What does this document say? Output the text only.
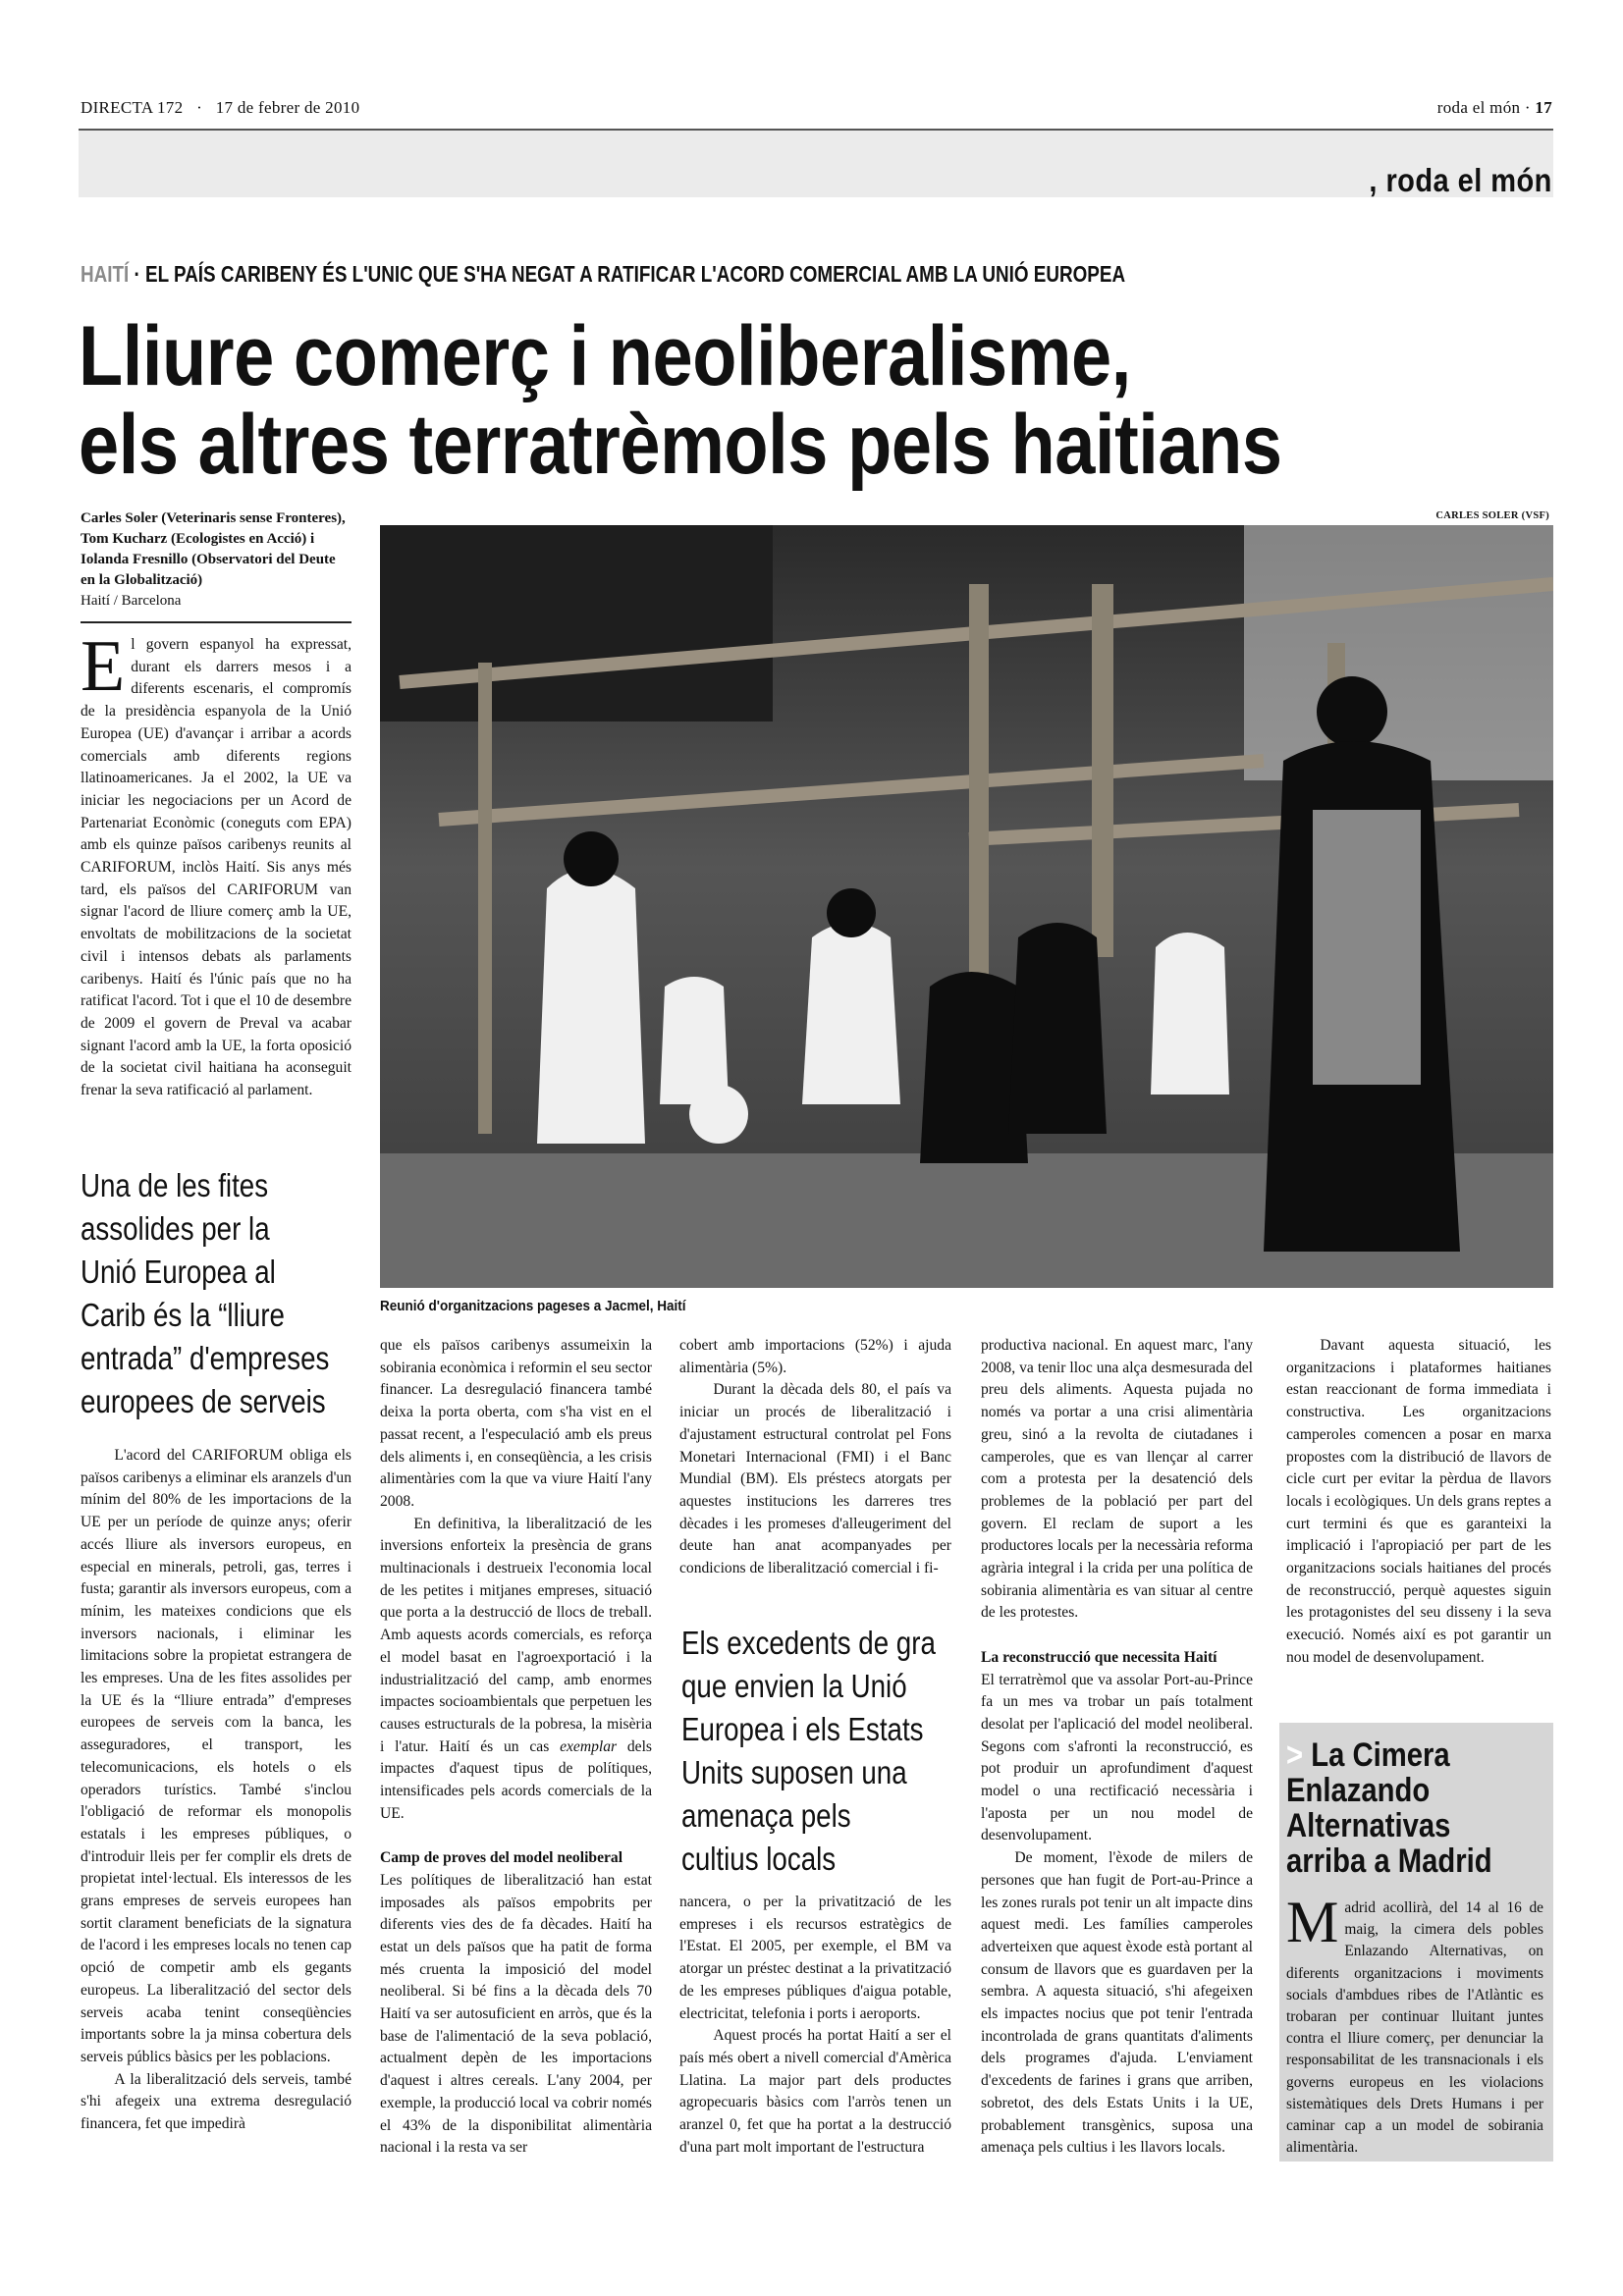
DIRECTA 172 · 17 de febrer de 2010	roda el món · 17
, roda el món
HAITÍ · EL PAÍS CARIBENY ÉS L'UNIC QUE S'HA NEGAT A RATIFICAR L'ACORD COMERCIAL AMB LA UNIÓ EUROPEA
Lliure comerç i neoliberalisme,
els altres terratrèmols pels haitians
Carles Soler (Veterinaris sense Fronteres), Tom Kucharz (Ecologistes en Acció) i Iolanda Fresnillo (Observatori del Deute en la Globalització)
Haití / Barcelona
El govern espanyol ha expressat, durant els darrers mesos i a diferents escenaris, el compromís de la presidència espanyola de la Unió Europea (UE) d'avançar i arribar a acords comercials amb diferents regions llatinoamericanes. Ja el 2002, la UE va iniciar les negociacions per un Acord de Partenariat Econòmic (coneguts com EPA) amb els quinze països caribenys reunits al CARIFORUM, inclòs Haití. Sis anys més tard, els països del CARIFORUM van signar l'acord de lliure comerç amb la UE, envoltats de mobilitzacions de la societat civil i intensos debats als parlaments caribenys. Haití és l'únic país que no ha ratificat l'acord. Tot i que el 10 de desembre de 2009 el govern de Preval va acabar signant l'acord amb la UE, la forta oposició de la societat civil haitiana ha aconseguit frenar la seva ratificació al parlament.
Una de les fites
assolides per la
Unió Europea al
Carib és la “lliure
entrada” d'empreses
europees de serveis

L'acord del CARIFORUM obliga els països caribenys a eliminar els aranzels d'un mínim del 80% de les importacions de la UE per un període de quinze anys; oferir accés lliure als inversors europeus, en especial en minerals, petroli, gas, terres i fusta; garantir als inversors europeus, com a mínim, les mateixes condicions que els inversors nacionals, i eliminar les limitacions sobre la propietat estrangera de les empreses. Una de les fites assolides per la UE és la “lliure entrada” d'empreses europees de serveis com la banca, les asseguradores, el transport, les telecomunicacions, els hotels o els operadors turístics. També s'inclou l'obligació de reformar els monopolis estatals i les empreses públiques, o d'introduir lleis per fer complir els drets de propietat intel·lectual. Els interessos de les grans empreses de serveis europees han sortit clarament beneficiats de la signatura de l'acord i les empreses locals no tenen cap opció de competir amb els gegants europeus. La liberalització del sector dels serveis acaba tenint conseqüències importants sobre la ja minsa cobertura dels serveis públics bàsics per les poblacions.

A la liberalització dels serveis, també s'hi afegeix una extrema desregulació financera, fet que impedirà

CARLES SOLER (VSF)
Reunió d'organitzacions pageses a Jacmel, Haití

que els països caribenys assumeixin la sobirania econòmica i reformin el seu sector financer. La desregulació financera també deixa la porta oberta, com s'ha vist en el passat recent, a l'especulació amb els preus dels aliments i, en conseqüència, a les crisis alimentàries com la que va viure Haití l'any 2008.

En definitiva, la liberalització de les inversions enforteix la presència de grans multinacionals i destrueix l'economia local de les petites i mitjanes empreses, situació que porta a la destrucció de llocs de treball. Amb aquests acords comercials, es reforça el model basat en l'agroexportació i la industrialització del camp, amb enormes impactes socioambientals que perpetuen les causes estructurals de la pobresa, la misèria i l'atur. Haití és un cas exemplar dels impactes d'aquest tipus de polítiques, intensificades pels acords comercials de la UE.

Camp de proves del model neoliberal

Les polítiques de liberalització han estat imposades als països empobrits per diferents vies des de fa dècades. Haití ha estat un dels països que ha patit de forma més cruenta la imposició del model neoliberal. Si bé fins a la dècada dels 70 Haití va ser autosuficient en arròs, que és la base de l'alimentació de la seva població, actualment depèn de les importacions d'aquest i altres cereals. L'any 2004, per exemple, la producció local va cobrir només el 43% de la disponibilitat alimentària nacional i la resta va ser

cobert amb importacions (52%) i ajuda alimentària (5%).

Durant la dècada dels 80, el país va iniciar un procés de liberalització i d'ajustament estructural controlat pel Fons Monetari Internacional (FMI) i el Banc Mundial (BM). Els préstecs atorgats per aquestes institucions les darreres tres dècades i les promeses d'alleugeriment del deute han anat acompanyades per condicions de liberalització comercial i fi-

Els excedents de gra
que envien la Unió
Europea i els Estats
Units suposen una
amenaça pels
cultius locals

nancera, o per la privatització de les empreses i els recursos estratègics de l'Estat. El 2005, per exemple, el BM va atorgar un préstec destinat a la privatització de les empreses públiques d'aigua potable, electricitat, telefonia i ports i aeroports.

Aquest procés ha portat Haití a ser el país més obert a nivell comercial d'Amèrica Llatina. La major part dels productes agropecuaris bàsics com l'arròs tenen un aranzel 0, fet que ha portat a la destrucció d'una part molt important de l'estructura

productiva nacional. En aquest marc, l'any 2008, va tenir lloc una alça desmesurada del preu dels aliments. Aquesta pujada no només va portar a una crisi alimentària greu, sinó a la revolta de ciutadanes i camperoles, que es van llençar al carrer com a protesta per la desatenció dels problemes de la població per part del govern. El reclam de suport a les productores locals per la necessària reforma agrària integral i la crida per una política de sobirania alimentària es van situar al centre de les protestes.

La reconstrucció que necessita Haití

El terratrèmol que va assolar Port-au-Prince fa un mes va trobar un país totalment desolat per l'aplicació del model neoliberal. Segons com s'afronti la reconstrucció, es pot produir un aprofundiment d'aquest model o una rectificació necessària i l'aposta per un nou model de desenvolupament.

De moment, l'èxode de milers de persones que han fugit de Port-au-Prince a les zones rurals pot tenir un alt impacte dins aquest medi. Les famílies camperoles adverteixen que aquest èxode està portant al consum de llavors que es guardaven per la sembra. A aquesta situació, s'hi afegeixen els impactes nocius que pot tenir l'entrada incontrolada de grans quantitats d'aliments dels programes d'ajuda. L'enviament d'excedents de farines i grans que arriben, sobretot, des dels Estats Units i la UE, probablement transgènics, suposa una amenaça pels cultius i les llavors locals.

Davant aquesta situació, les organitzacions i plataformes haitianes estan reaccionant de forma immediata i constructiva. Les organitzacions camperoles comencen a posar en marxa propostes com la distribució de llavors de cicle curt per evitar la pèrdua de llavors locals i ecològiques. Un dels grans reptes a curt termini és que es garanteixi la implicació i l'apropiació per part de les organitzacions socials haitianes del procés de reconstrucció, perquè aquestes siguin les protagonistes del seu disseny i la seva execució. Només així es pot garantir un nou model de desenvolupament.

> La Cimera
Enlazando
Alternativas
arriba a Madrid
Madrid acollirà, del 14 al 16 de maig, la cimera dels pobles Enlazando Alternativas, on diferents organitzacions i moviments socials d'ambdues ribes de l'Atlàntic es trobaran per continuar lluitant juntes contra el lliure comerç, per denunciar la responsabilitat de les transnacionals i els governs europeus en les violacions sistemàtiques dels Drets Humans i per caminar cap a un model de sobirania alimentària.
